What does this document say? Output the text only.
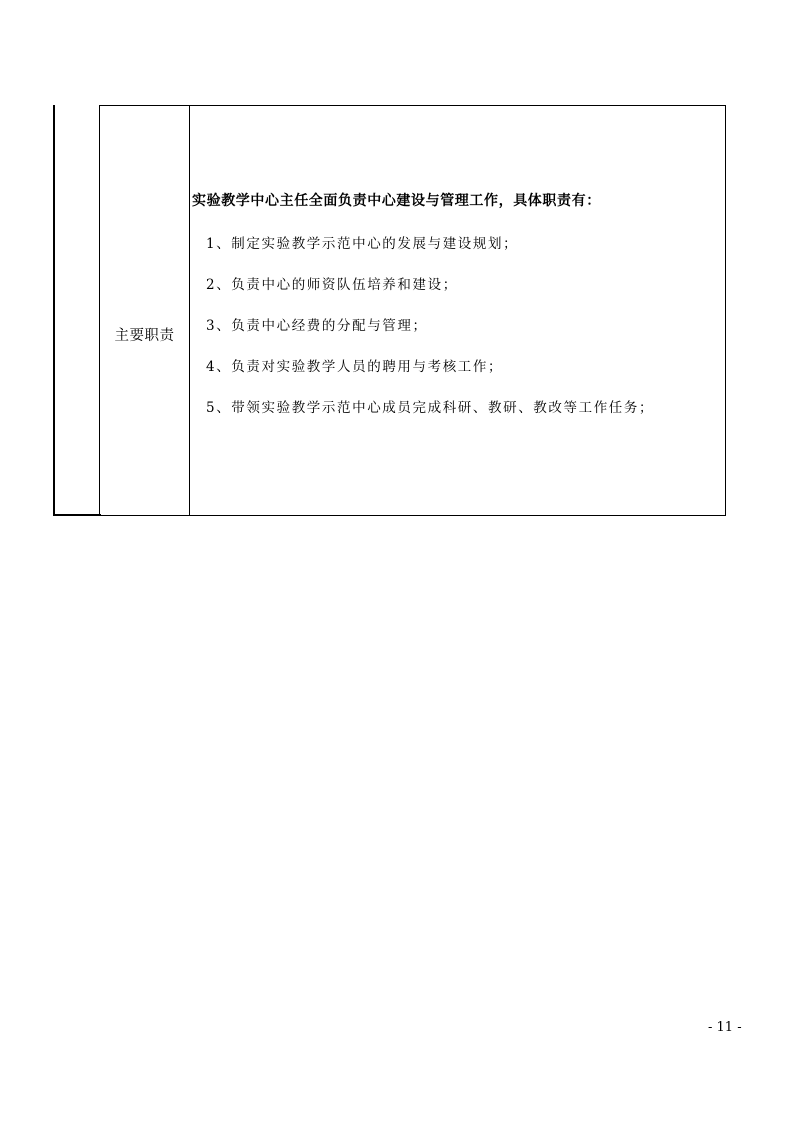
主要职责
实验教学中心主任全面负责中心建设与管理工作，具体职责有：
1、制定实验教学示范中心的发展与建设规划；
2、负责中心的师资队伍培养和建设；
3、负责中心经费的分配与管理；
4、负责对实验教学人员的聘用与考核工作；
5、带领实验教学示范中心成员完成科研、教研、教改等工作任务；
- 11 -
